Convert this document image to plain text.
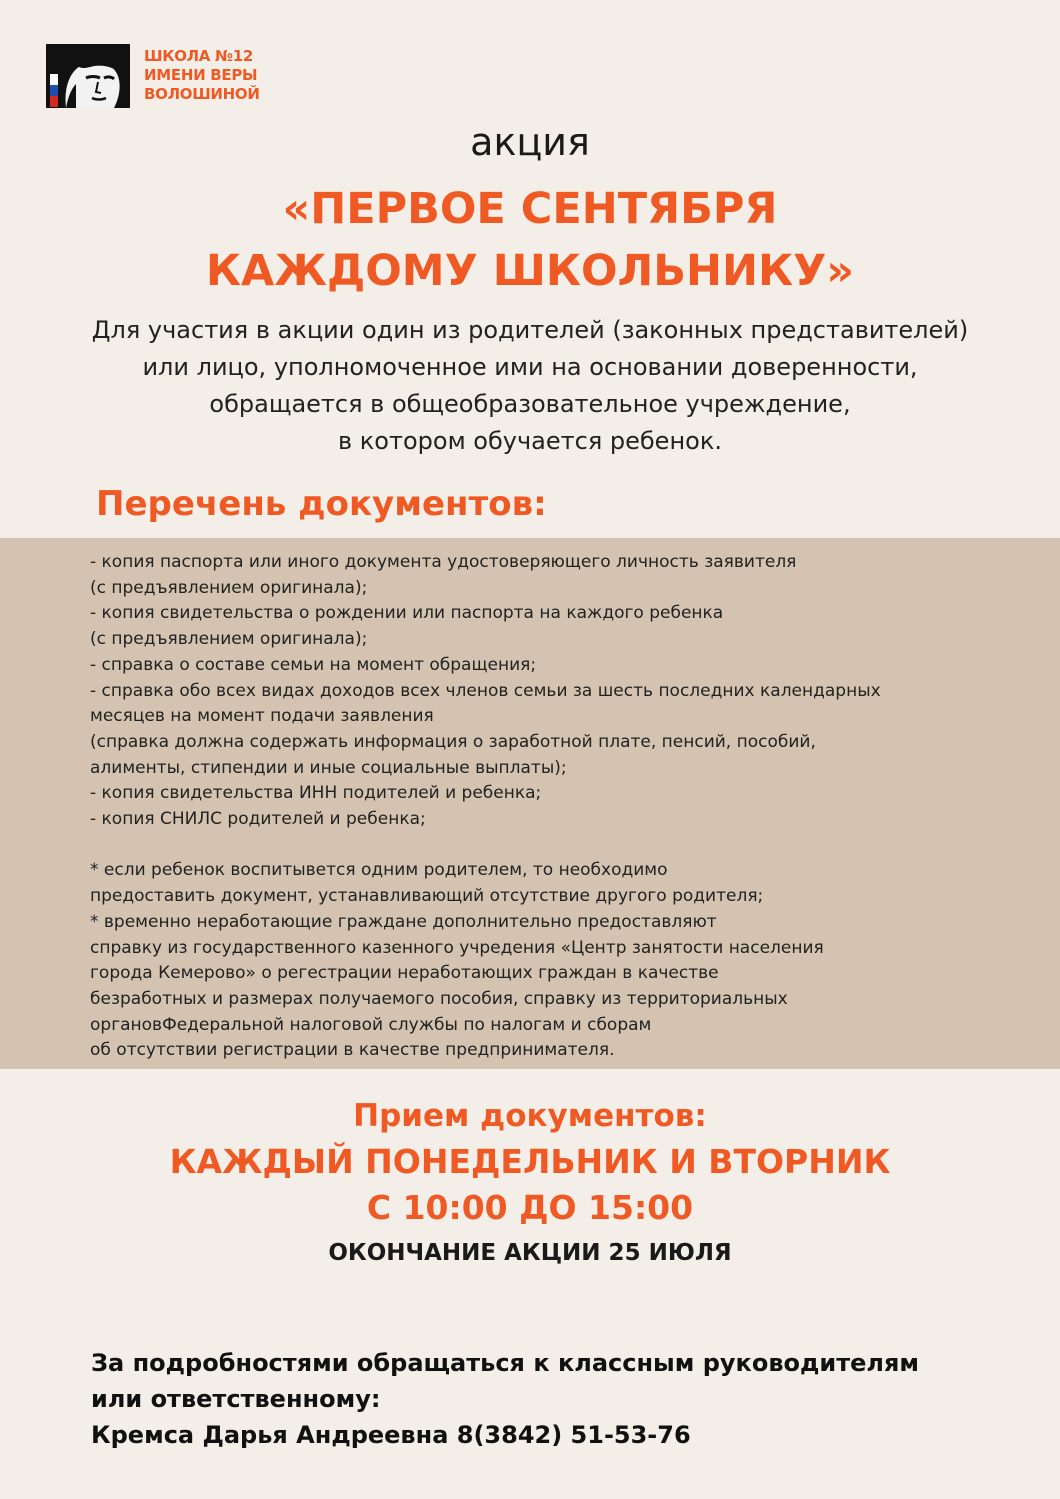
ШКОЛА №12
ИМЕНИ ВЕРЫ
ВОЛОШИНОЙ
акция
«ПЕРВОЕ СЕНТЯБРЯ
КАЖДОМУ ШКОЛЬНИКУ»
Для участия в акции один из родителей (законных представителей)
или лицо, уполномоченное ими на основании доверенности,
обращается в общеобразовательное учреждение,
в котором обучается ребенок.
Перечень документов:
- копия паспорта или иного документа удостоверяющего личность заявителя
(с предъявлением оригинала);
- копия свидетельства о рождении или паспорта на каждого ребенка
(с предъявлением оригинала);
- справка о составе семьи на момент обращения;
- справка обо всех видах доходов всех членов семьи за шесть последних календарных
месяцев на момент подачи заявления
(справка должна содержать информация о заработной плате, пенсий, пособий,
алименты, стипендии и иные социальные выплаты);
- копия свидетельства ИНН подителей и ребенка;
- копия СНИЛС родителей и ребенка;
* если ребенок воспитывется одним родителем, то необходимо
предоставить документ, устанавливающий отсутствие другого родителя;
* временно неработающие граждане дополнительно предоставляют
справку из государственного казенного учредения «Центр занятости населения
города Кемерово» о регестрации неработающих граждан в качестве
безработных и размерах получаемого пособия, справку из территориальных
органовФедеральной налоговой службы по налогам и сборам
об отсутствии регистрации в качестве предпринимателя.
Прием документов:
КАЖДЫЙ ПОНЕДЕЛЬНИК И ВТОРНИК
С 10:00 ДО 15:00
ОКОНЧАНИЕ АКЦИИ 25 ИЮЛЯ
За подробностями обращаться к классным руководителям
или ответственному:
Кремса Дарья Андреевна 8(3842) 51-53-76
